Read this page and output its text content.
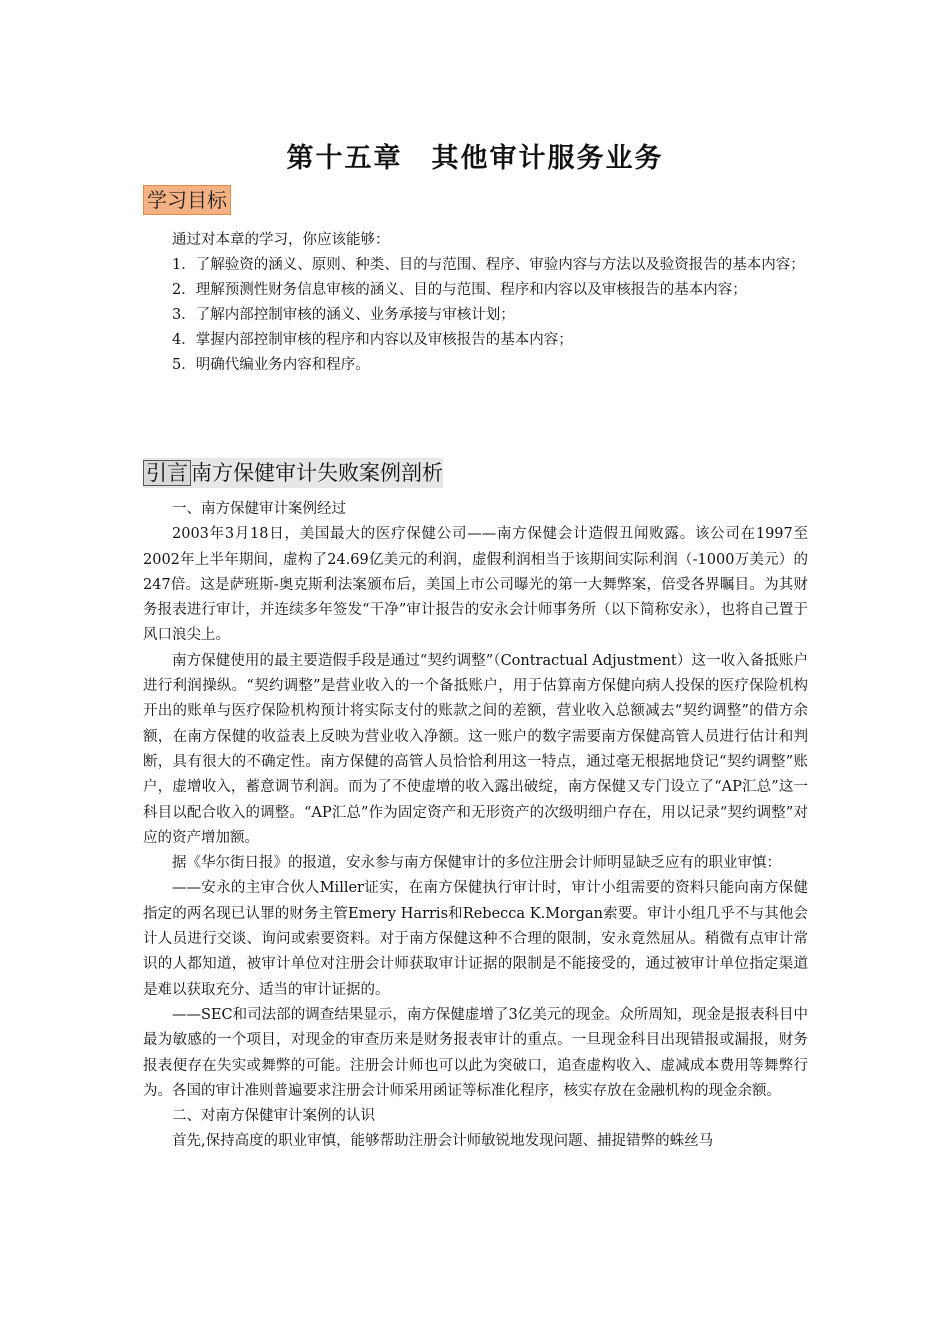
第十五章　其他审计服务业务
学习目标

通过对本章的学习，你应该能够：

1．了解验资的涵义、原则、种类、目的与范围、程序、审验内容与方法以及验资报告的基本内容；

2．理解预测性财务信息审核的涵义、目的与范围、程序和内容以及审核报告的基本内容；

3．了解内部控制审核的涵义、业务承接与审核计划；

4．掌握内部控制审核的程序和内容以及审核报告的基本内容；

5．明确代编业务内容和程序。

引言 南方保健审计失败案例剖析

一、南方保健审计案例经过

2003年3月18日，美国最大的医疗保健公司——南方保健会计造假丑闻败露。该公司在1997至2002年上半年期间，虚构了24.69亿美元的利润，虚假利润相当于该期间实际利润（-1000万美元）的247倍。这是萨班斯-奥克斯利法案颁布后，美国上市公司曝光的第一大舞弊案，倍受各界瞩目。为其财务报表进行审计，并连续多年签发“干净”审计报告的安永会计师事务所（以下简称安永），也将自己置于风口浪尖上。

南方保健使用的最主要造假手段是通过“契约调整”（Contractual Adjustment）这一收入备抵账户进行利润操纵。“契约调整”是营业收入的一个备抵账户，用于估算南方保健向病人投保的医疗保险机构开出的账单与医疗保险机构预计将实际支付的账款之间的差额，营业收入总额减去“契约调整”的借方余额，在南方保健的收益表上反映为营业收入净额。这一账户的数字需要南方保健高管人员进行估计和判断，具有很大的不确定性。南方保健的高管人员恰恰利用这一特点，通过毫无根据地贷记“契约调整”账户，虚增收入，蓄意调节利润。而为了不使虚增的收入露出破绽，南方保健又专门设立了“AP汇总”这一科目以配合收入的调整。“AP汇总”作为固定资产和无形资产的次级明细户存在，用以记录“契约调整”对应的资产增加额。

据《华尔街日报》的报道，安永参与南方保健审计的多位注册会计师明显缺乏应有的职业审慎：

——安永的主审合伙人Miller证实，在南方保健执行审计时，审计小组需要的资料只能向南方保健指定的两名现已认罪的财务主管Emery Harris和Rebecca K.Morgan索要。审计小组几乎不与其他会计人员进行交谈、询问或索要资料。对于南方保健这种不合理的限制，安永竟然屈从。稍微有点审计常识的人都知道，被审计单位对注册会计师获取审计证据的限制是不能接受的，通过被审计单位指定渠道是难以获取充分、适当的审计证据的。

——SEC和司法部的调查结果显示，南方保健虚增了3亿美元的现金。众所周知，现金是报表科目中最为敏感的一个项目，对现金的审查历来是财务报表审计的重点。一旦现金科目出现错报或漏报，财务报表便存在失实或舞弊的可能。注册会计师也可以此为突破口，追查虚构收入、虚减成本费用等舞弊行为。各国的审计准则普遍要求注册会计师采用函证等标准化程序，核实存放在金融机构的现金余额。

二、对南方保健审计案例的认识

首先,保持高度的职业审慎，能够帮助注册会计师敏锐地发现问题、捕捉错弊的蛛丝马
